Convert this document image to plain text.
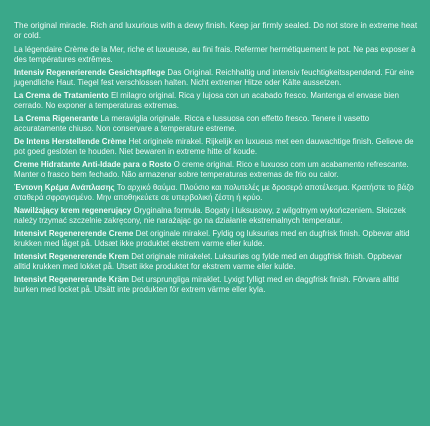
The original miracle. Rich and luxurious with a dewy finish. Keep jar firmly sealed. Do not store in extreme heat or cold.

La légendaire Crème de la Mer, riche et luxueuse, au fini frais. Refermer hermétiquement le pot. Ne pas exposer à des températures extrêmes.

Intensiv Regenerierende Gesichtspflege Das Original. Reichhaltig und intensiv feuchtigkeitsspendend. Für eine jugendliche Haut. Tiegel fest verschlossen halten. Nicht extremer Hitze oder Kälte aussetzen.

La Crema de Tratamiento El milagro original. Rica y lujosa con un acabado fresco. Mantenga el envase bien cerrado. No exponer a temperaturas extremas.

La Crema Rigenerante La meraviglia originale. Ricca e lussuosa con effetto fresco. Tenere il vasetto accuratamente chiuso. Non conservare a temperature estreme.

De Intens Herstellende Crème Het originele mirakel. Rijkelijk en luxueus met een dauwachtige finish. Gelieve de pot goed gesloten te houden. Niet bewaren in extreme hitte of koude.

Creme Hidratante Anti-Idade para o Rosto O creme original. Rico e luxuoso com um acabamento refrescante. Manter o frasco bem fechado. Não armazenar sobre temperaturas extremas de frio ou calor.

Έντονη Κρέμα Ανάπλασης Το αρχικό θαύμα. Πλούσιο και πολυτελές με δροσερό αποτέλεσμα. Κρατήστε το βάζο σταθερά σφραγισμένο. Μην αποθηκεύετε σε υπερβολική ζέστη ή κρύο.

Nawilżający krem regenerujący Oryginalna formuła. Bogaty i luksusowy, z wilgotnym wykończeniem. Słoiczek należy trzymać szczelnie zakręcony, nie narażając go na działanie ekstremalnych temperatur.

Intensivt Regenererende Creme Det originale mirakel. Fyldig og luksuriøs med en dugfrisk finish. Opbevar altid krukken med låget på. Udsæt ikke produktet ekstrem varme eller kulde.

Intensivt Regenererende Krem Det originale mirakelet. Luksuriøs og fylde med en duggfrisk finish. Oppbevar alltid krukken med lokket på. Utsett ikke produktet for ekstrem varme eller kulde.

Intensivt Regenererande Kräm Det ursprungliga miraklet. Lyxigt fylligt med en daggfrisk finish. Förvara alltid burken med locket på. Utsätt inte produkten för extrem värme eller kyla.
